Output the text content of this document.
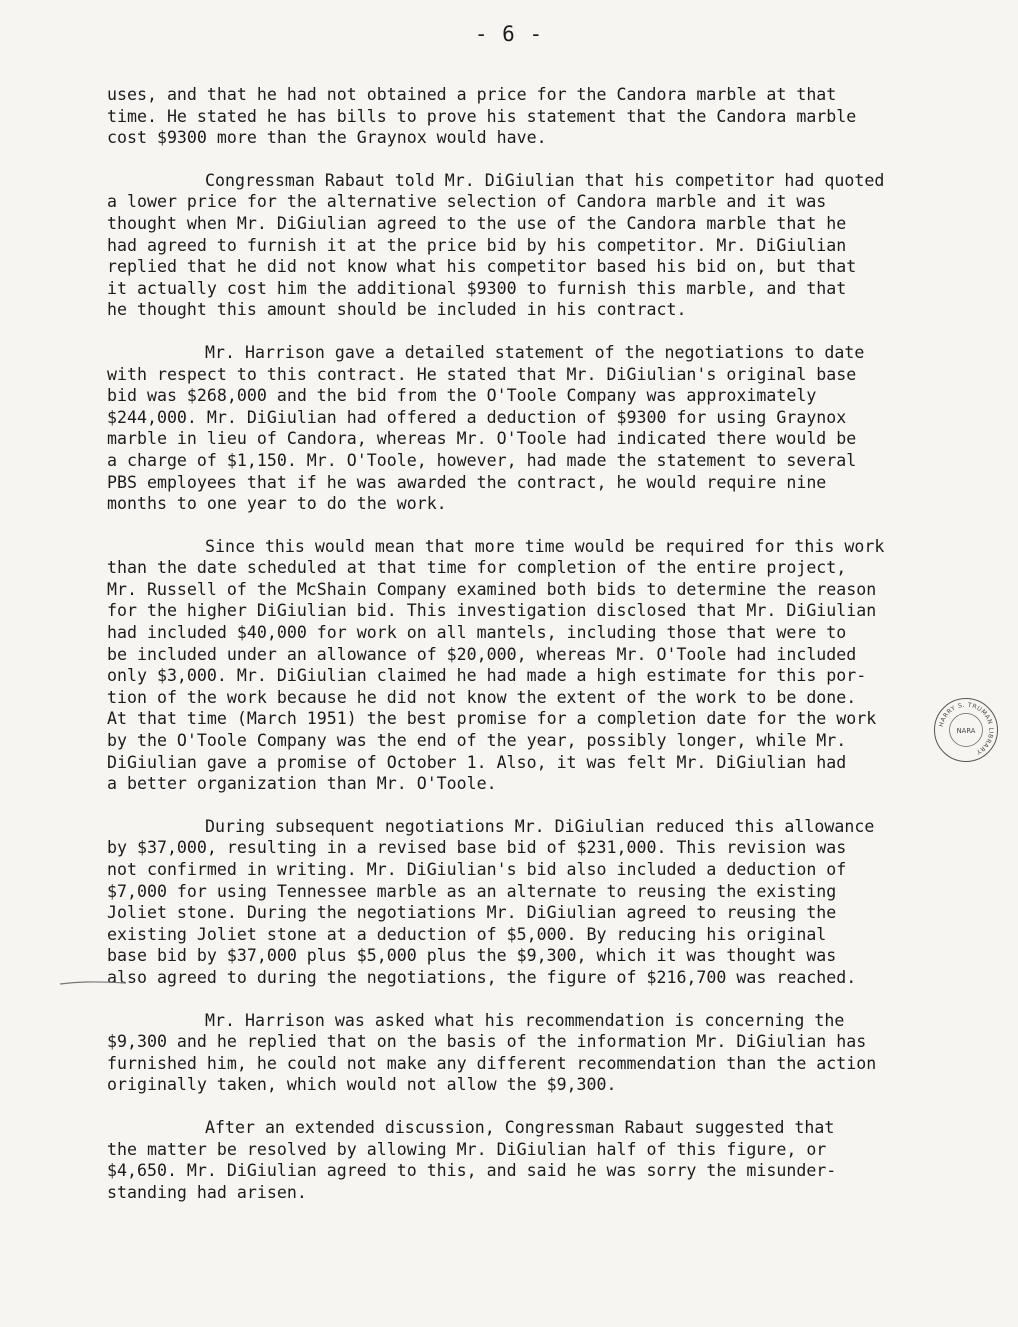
- 6 -

uses, and that he had not obtained a price for the Candora marble at that
time. He stated he has bills to prove his statement that the Candora marble
cost $9300 more than the Graynox would have.

Congressman Rabaut told Mr. DiGiulian that his competitor had quoted
a lower price for the alternative selection of Candora marble and it was
thought when Mr. DiGiulian agreed to the use of the Candora marble that he
had agreed to furnish it at the price bid by his competitor. Mr. DiGiulian
replied that he did not know what his competitor based his bid on, but that
it actually cost him the additional $9300 to furnish this marble, and that
he thought this amount should be included in his contract.

Mr. Harrison gave a detailed statement of the negotiations to date
with respect to this contract. He stated that Mr. DiGiulian's original base
bid was $268,000 and the bid from the O'Toole Company was approximately
$244,000. Mr. DiGiulian had offered a deduction of $9300 for using Graynox
marble in lieu of Candora, whereas Mr. O'Toole had indicated there would be
a charge of $1,150. Mr. O'Toole, however, had made the statement to several
PBS employees that if he was awarded the contract, he would require nine
months to one year to do the work.

Since this would mean that more time would be required for this work
than the date scheduled at that time for completion of the entire project,
Mr. Russell of the McShain Company examined both bids to determine the reason
for the higher DiGiulian bid. This investigation disclosed that Mr. DiGiulian
had included $40,000 for work on all mantels, including those that were to
be included under an allowance of $20,000, whereas Mr. O'Toole had included
only $3,000. Mr. DiGiulian claimed he had made a high estimate for this por-
tion of the work because he did not know the extent of the work to be done.
At that time (March 1951) the best promise for a completion date for the work
by the O'Toole Company was the end of the year, possibly longer, while Mr.
DiGiulian gave a promise of October 1. Also, it was felt Mr. DiGiulian had
a better organization than Mr. O'Toole.

During subsequent negotiations Mr. DiGiulian reduced this allowance
by $37,000, resulting in a revised base bid of $231,000. This revision was
not confirmed in writing. Mr. DiGiulian's bid also included a deduction of
$7,000 for using Tennessee marble as an alternate to reusing the existing
Joliet stone. During the negotiations Mr. DiGiulian agreed to reusing the
existing Joliet stone at a deduction of $5,000. By reducing his original
base bid by $37,000 plus $5,000 plus the $9,300, which it was thought was
also agreed to during the negotiations, the figure of $216,700 was reached.

Mr. Harrison was asked what his recommendation is concerning the
$9,300 and he replied that on the basis of the information Mr. DiGiulian has
furnished him, he could not make any different recommendation than the action
originally taken, which would not allow the $9,300.

After an extended discussion, Congressman Rabaut suggested that
the matter be resolved by allowing Mr. DiGiulian half of this figure, or
$4,650. Mr. DiGiulian agreed to this, and said he was sorry the misunder-
standing had arisen.

HARRY S. TRUMAN LIBRARY
NARA
